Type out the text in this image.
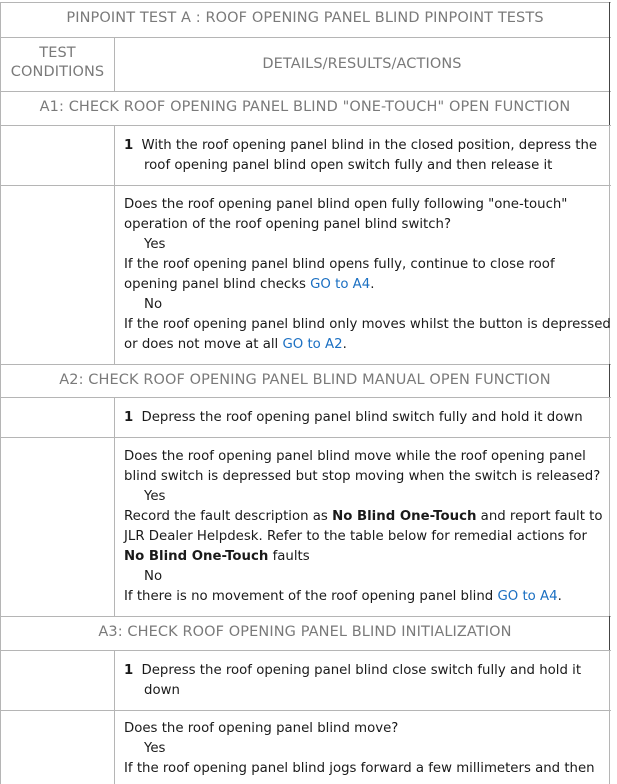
PINPOINT TEST A : ROOF OPENING PANEL BLIND PINPOINT TESTS
TEST
CONDITIONS	DETAILS/RESULTS/ACTIONS
A1: CHECK ROOF OPENING PANEL BLIND "ONE-TOUCH" OPEN FUNCTION
1 With the roof opening panel blind in the closed position, depress the
roof opening panel blind open switch fully and then release it
Does the roof opening panel blind open fully following "one-touch"
operation of the roof opening panel blind switch?
Yes
If the roof opening panel blind opens fully, continue to close roof
opening panel blind checks GO to A4.
No
If the roof opening panel blind only moves whilst the button is depressed
or does not move at all GO to A2.
A2: CHECK ROOF OPENING PANEL BLIND MANUAL OPEN FUNCTION
1 Depress the roof opening panel blind switch fully and hold it down
Does the roof opening panel blind move while the roof opening panel
blind switch is depressed but stop moving when the switch is released?
Yes
Record the fault description as No Blind One-Touch and report fault to
JLR Dealer Helpdesk. Refer to the table below for remedial actions for
No Blind One-Touch faults
No
If there is no movement of the roof opening panel blind GO to A4.
A3: CHECK ROOF OPENING PANEL BLIND INITIALIZATION
1 Depress the roof opening panel blind close switch fully and hold it
down
Does the roof opening panel blind move?
Yes
If the roof opening panel blind jogs forward a few millimeters and then
